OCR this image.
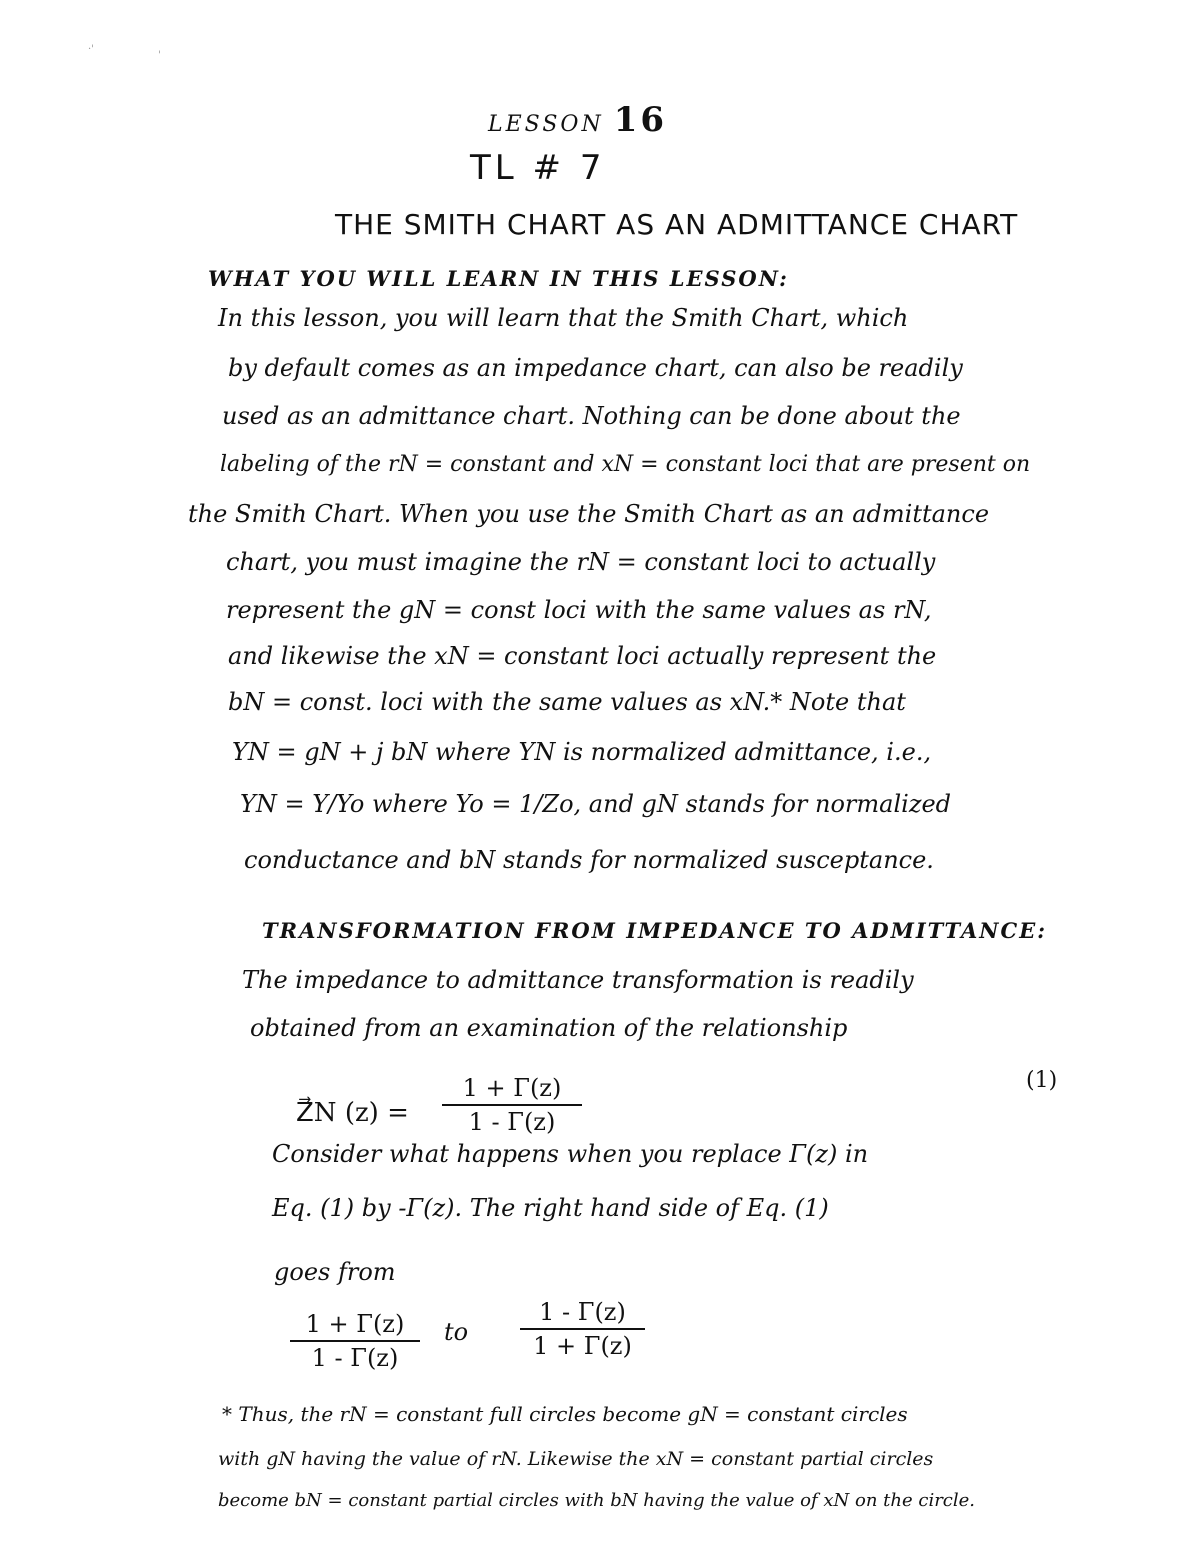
·'
'
LESSON 16
TL # 7
THE SMITH CHART AS AN ADMITTANCE CHART
WHAT YOU WILL LEARN IN THIS LESSON:
In this lesson, you will learn that the Smith Chart, which
by default comes as an impedance chart, can also be readily
used as an admittance chart. Nothing can be done about the
labeling of the rN = constant and xN = constant loci that are present on
the Smith Chart. When you use the Smith Chart as an admittance
chart, you must imagine the rN = constant loci to actually
represent the gN = const loci with the same values as rN,
and likewise the xN = constant loci actually represent the
bN = const. loci with the same values as xN.* Note that
YN = gN + j bN where YN is normalized admittance, i.e.,
YN = Y/Yo where Yo = 1/Zo, and gN stands for normalized
conductance and bN stands for normalized susceptance.
TRANSFORMATION FROM IMPEDANCE TO ADMITTANCE:
The impedance to admittance transformation is readily
obtained from an examination of the relationship
Z⃗N (z) =
1 + Γ(z)
1 - Γ(z)
(1)
Consider what happens when you replace Γ(z) in
Eq. (1) by -Γ(z). The right hand side of Eq. (1)
goes from
1 + Γ(z)
1 - Γ(z)
to
1 - Γ(z)
1 + Γ(z)
* Thus, the rN = constant full circles become gN = constant circles
with gN having the value of rN. Likewise the xN = constant partial circles
become bN = constant partial circles with bN having the value of xN on the circle.
